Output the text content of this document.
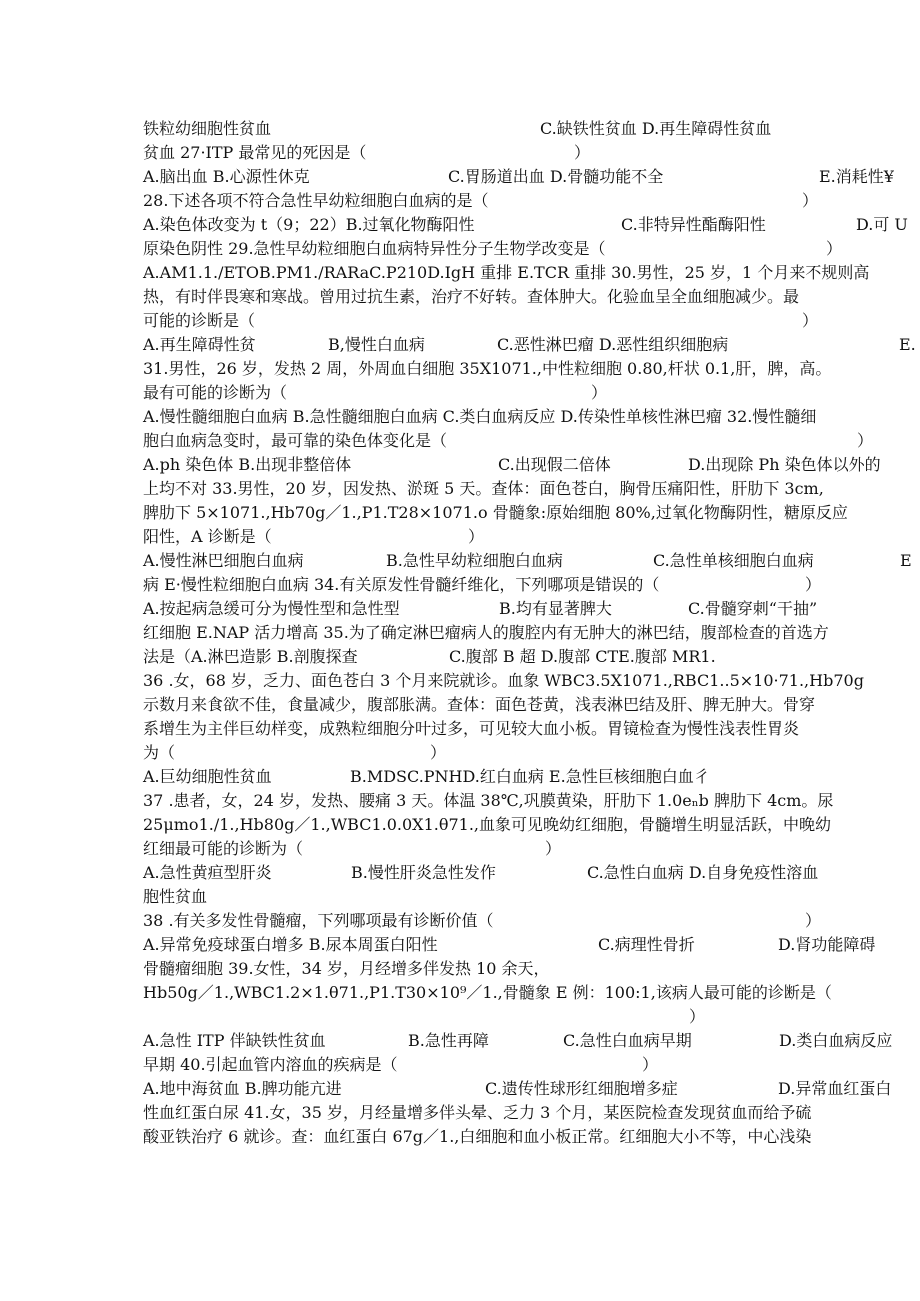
铁粒幼细胞性贫血	C.缺铁性贫血 D.再生障碍性贫血
贫血 27·ITP 最常见的死因是（	）
A.脑出血 B.心源性休克	C.胃肠道出血 D.骨髓功能不全	E.消耗性¥
28.下述各项不符合急性早幼粒细胞白血病的是（	）
A.染色体改变为 t（9；22）B.过氧化物酶阳性	C.非特异性酯酶阳性	D.可 U
原染色阴性 29.急性早幼粒细胞白血病特异性分子生物学改变是（	）
A.AM1.1./ETOB.PM1./RARaC.P210D.IgH 重排 E.TCR 重排 30.男性，25 岁，1 个月来不规则高
热，有时伴畏寒和寒战。曾用过抗生素，治疗不好转。查体肿大。化验血呈全血细胞减少。最
可能的诊断是（	）
A.再生障碍性贫	B,慢性白血病	C.恶性淋巴瘤 D.恶性组织细胞病	E.
31.男性，26 岁，发热 2 周，外周血白细胞 35X1071.,中性粒细胞 0.80,杆状 0.1,肝，脾，高。
最有可能的诊断为（	）
A.慢性髓细胞白血病 B.急性髓细胞白血病 C.类白血病反应 D.传染性单核性淋巴瘤 32.慢性髓细
胞白血病急变时，最可靠的染色体变化是（	）
A.ph 染色体 B.出现非整倍体	C.出现假二倍体	D.出现除 Ph 染色体以外的
上均不对 33.男性，20 岁，因发热、淤斑 5 天。查体：面色苍白，胸骨压痛阳性，肝肋下 3cm,
脾肋下 5×1071.,Hb70g／1.,P1.T28×1071.o 骨髓象:原始细胞 80%,过氧化物酶阴性，糖原反应
阳性，A 诊断是（	）
A.慢性淋巴细胞白血病	B.急性早幼粒细胞白血病	C.急性单核细胞白血病	E
病 E·慢性粒细胞白血病 34.有关原发性骨髓纤维化，下列哪项是错误的（	）
A.按起病急缓可分为慢性型和急性型	B.均有显著脾大	C.骨髓穿刺“干抽”
红细胞 E.NAP 活力增高 35.为了确定淋巴瘤病人的腹腔内有无肿大的淋巴结，腹部检查的首选方
法是（A.淋巴造影 B.剖腹探查	C.腹部 B 超 D.腹部 CTE.腹部 MR1.
36 .女，68 岁，乏力、面色苍白 3 个月来院就诊。血象 WBC3.5X1071.,RBC1..5×10·71.,Hb70g
示数月来食欲不佳，食量减少，腹部胀满。查体：面色苍黄，浅表淋巴结及肝、脾无肿大。骨穿
系增生为主伴巨幼样变，成熟粒细胞分叶过多，可见较大血小板。胃镜检查为慢性浅表性胃炎
为（	）
A.巨幼细胞性贫血	B.MDSC.PNHD.红白血病 E.急性巨核细胞白血彳
37 .患者，女，24 岁，发热、腰痛 3 天。体温 38℃,巩膜黄染，肝肋下 1.0eₙb 脾肋下 4cm。尿
25μmo1./1.,Hb80g／1.,WBC1.0.0X1.θ71.,血象可见晚幼红细胞，骨髓增生明显活跃，中晚幼
红细最可能的诊断为（	）
A.急性黄疸型肝炎	B.慢性肝炎急性发作	C.急性白血病 D.自身免疫性溶血
胞性贫血
38 .有关多发性骨髓瘤，下列哪项最有诊断价值（	）
A.异常免疫球蛋白增多 B.尿本周蛋白阳性	C.病理性骨折	D.肾功能障碍
骨髓瘤细胞 39.女性，34 岁，月经增多伴发热 10 余天，
Hb50g／1.,WBC1.2×1.θ71.,P1.T30×10⁹／1.,骨髓象 E 例：100:1,该病人最可能的诊断是（
）
A.急性 ITP 伴缺铁性贫血	B.急性再障	C.急性白血病早期	D.类白血病反应
早期 40.引起血管内溶血的疾病是（	）
A.地中海贫血 B.脾功能亢进	C.遗传性球形红细胞增多症	D.异常血红蛋白
性血红蛋白尿 41.女，35 岁，月经量增多伴头晕、乏力 3 个月，某医院检查发现贫血而给予硫
酸亚铁治疗 6 就诊。查：血红蛋白 67g／1.,白细胞和血小板正常。红细胞大小不等，中心浅染
